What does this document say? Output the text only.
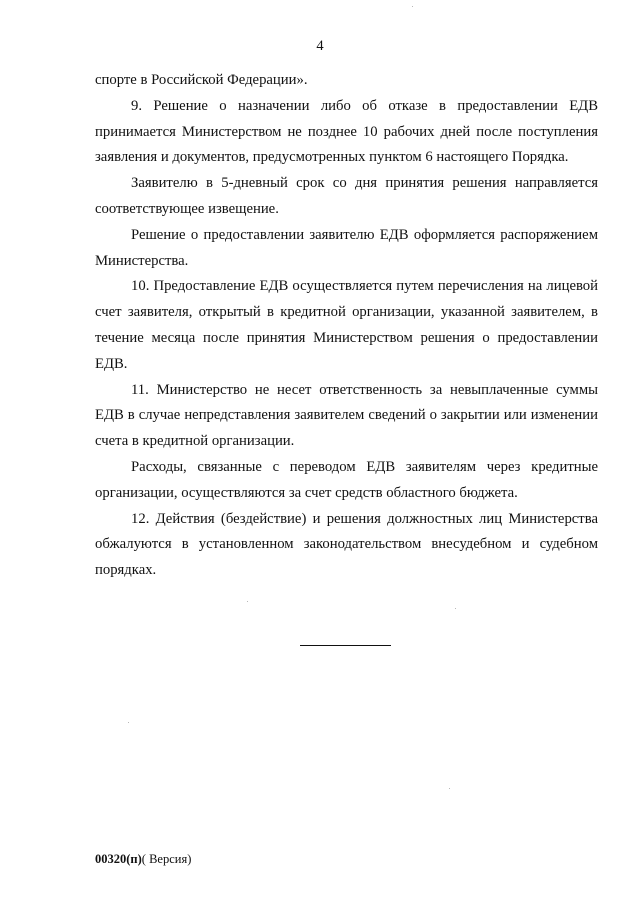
4

спорте в Российской Федерации».

9. Решение о назначении либо об отказе в предоставлении ЕДВ принимается Министерством не позднее 10 рабочих дней после поступления заявления и документов, предусмотренных пунктом 6 настоящего Порядка.

Заявителю в 5-дневный срок со дня принятия решения направляется соответствующее извещение.

Решение о предоставлении заявителю ЕДВ оформляется распоряжением Министерства.

10. Предоставление ЕДВ осуществляется путем перечисления на лицевой счет заявителя, открытый в кредитной организации, указанной заявителем, в течение месяца после принятия Министерством решения о предоставлении ЕДВ.

11. Министерство не несет ответственность за невыплаченные суммы ЕДВ в случае непредставления заявителем сведений о закрытии или изменении счета в кредитной организации.

Расходы, связанные с переводом ЕДВ заявителям через кредитные организации, осуществляются за счет средств областного бюджета.

12. Действия (бездействие) и решения должностных лиц Министерства обжалуются в установленном законодательством внесудебном и судебном порядках.

00320(п)( Версия)
